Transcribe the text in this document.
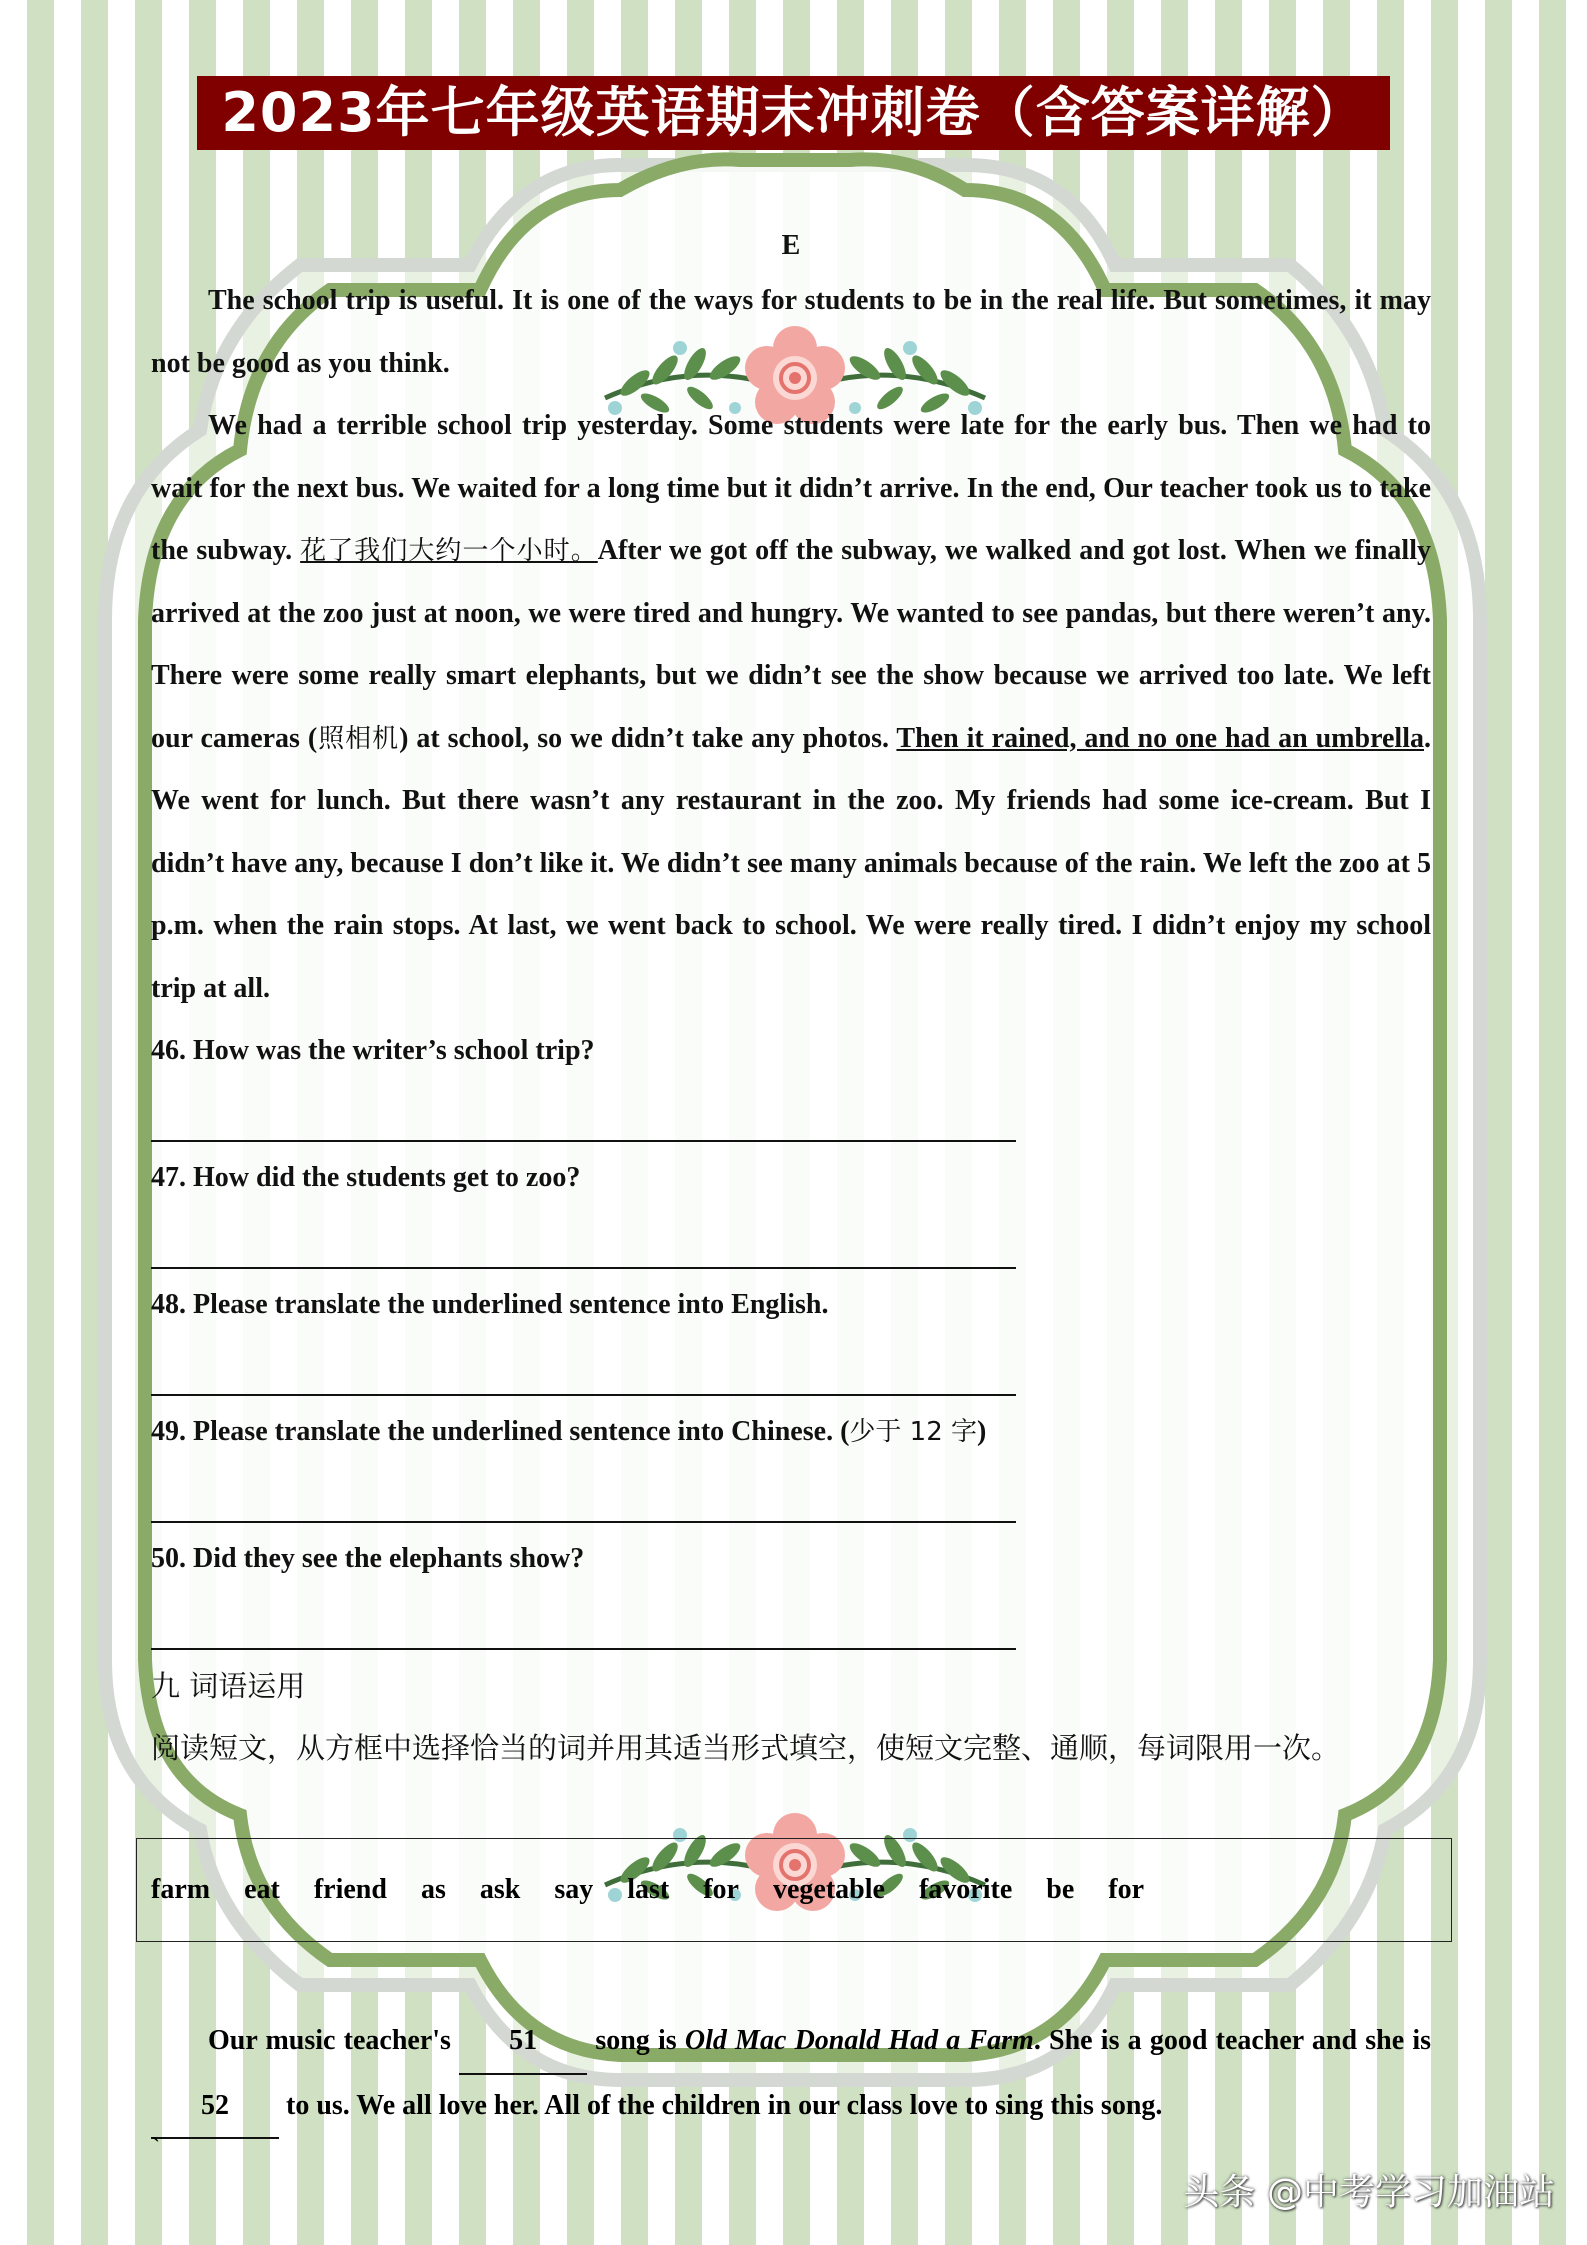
2023年七年级英语期末冲刺卷（含答案详解）
E

The school trip is useful. It is one of the ways for students to be in the real life. But sometimes, it may not be good as you think.

We had a terrible school trip yesterday. Some students were late for the early bus. Then we had to wait for the next bus. We waited for a long time but it didn’t arrive. In the end, Our teacher took us to take the subway. 花了我们大约一个小时。After we got off the subway, we walked and got lost. When we finally arrived at the zoo just at noon, we were tired and hungry. We wanted to see pandas, but there weren’t any. There were some really smart elephants, but we didn’t see the show because we arrived too late. We left our cameras (照相机) at school, so we didn’t take any photos. Then it rained, and no one had an umbrella. We went for lunch. But there wasn’t any restaurant in the zoo. My friends had some ice-cream. But I didn’t have any, because I don’t like it. We didn’t see many animals because of the rain. We left the zoo at 5 p.m. when the rain stops. At last, we went back to school. We were really tired. I didn’t enjoy my school trip at all.

46. How was the writer’s school trip?
47. How did the students get to zoo?
48. Please translate the underlined sentence into English.
49. Please translate the underlined sentence into Chinese. (少于 12 字)
50. Did they see the elephants show?
九 词语运用
阅读短文，从方框中选择恰当的词并用其适当形式填空，使短文完整、通顺，每词限用一次。
farm eat friend as ask say last for vegetable favorite be for

Our music teacher's 51 song is Old Mac Donald Had a Farm. She is a good teacher and she is 52 to us. We all love her. All of the children in our class love to sing this song.

`
头条 @中考学习加油站
